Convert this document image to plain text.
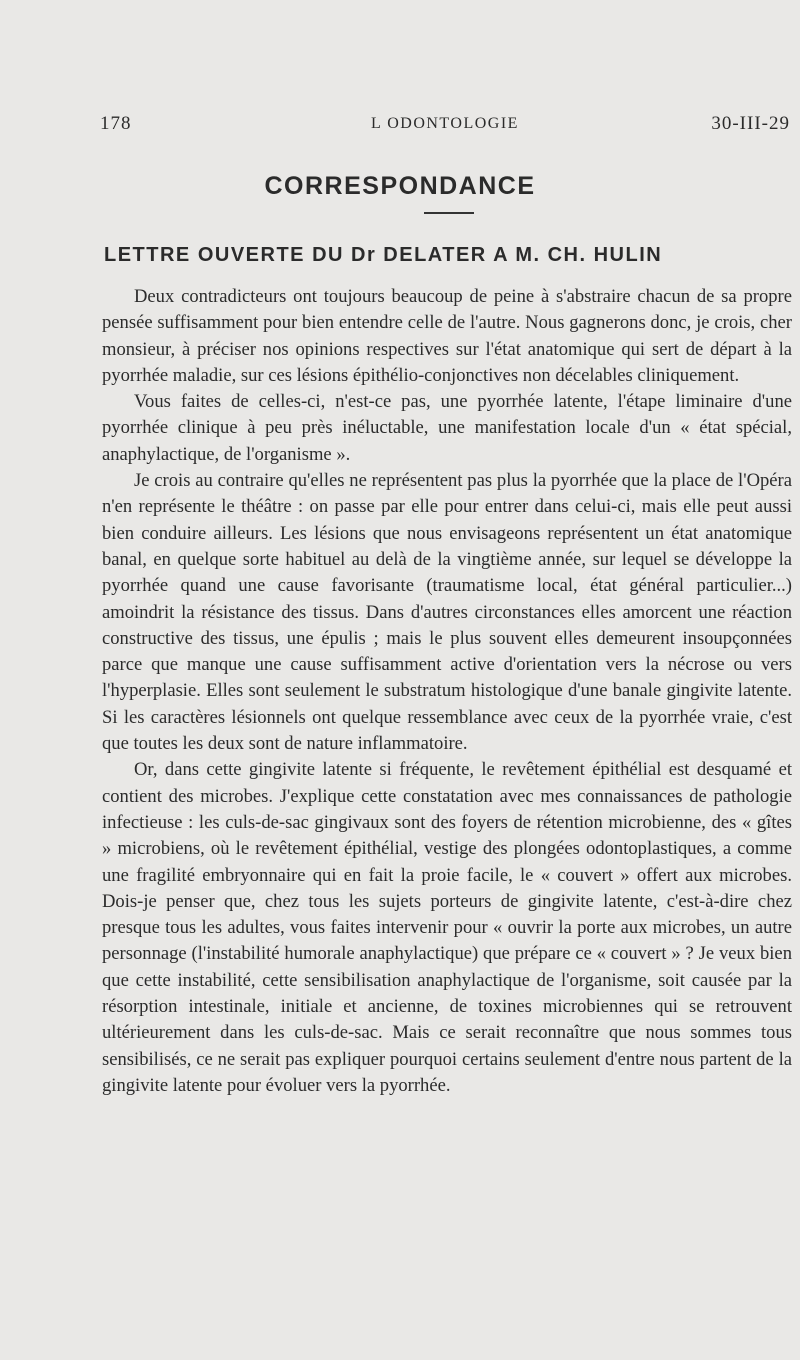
178	L ODONTOLOGIE	30-III-29
CORRESPONDANCE
LETTRE OUVERTE DU Dr DELATER A M. CH. HULIN

Deux contradicteurs ont toujours beaucoup de peine à s'abstraire chacun de sa propre pensée suffisamment pour bien entendre celle de l'autre. Nous gagnerons donc, je crois, cher monsieur, à préciser nos opinions respectives sur l'état anatomique qui sert de départ à la pyorrhée maladie, sur ces lésions épithélio-conjonctives non décelables cliniquement.

Vous faites de celles-ci, n'est-ce pas, une pyorrhée latente, l'étape liminaire d'une pyorrhée clinique à peu près inéluctable, une manifestation locale d'un « état spécial, anaphylactique, de l'organisme ».

Je crois au contraire qu'elles ne représentent pas plus la pyorrhée que la place de l'Opéra n'en représente le théâtre : on passe par elle pour entrer dans celui-ci, mais elle peut aussi bien conduire ailleurs. Les lésions que nous envisageons représentent un état anatomique banal, en quelque sorte habituel au delà de la vingtième année, sur lequel se développe la pyorrhée quand une cause favorisante (traumatisme local, état général particulier...) amoindrit la résistance des tissus. Dans d'autres circonstances elles amorcent une réaction constructive des tissus, une épulis ; mais le plus souvent elles demeurent insoupçonnées parce que manque une cause suffisamment active d'orientation vers la nécrose ou vers l'hyperplasie. Elles sont seulement le substratum histologique d'une banale gingivite latente. Si les caractères lésionnels ont quelque ressemblance avec ceux de la pyorrhée vraie, c'est que toutes les deux sont de nature inflammatoire.

Or, dans cette gingivite latente si fréquente, le revêtement épithélial est desquamé et contient des microbes. J'explique cette constatation avec mes connaissances de pathologie infectieuse : les culs-de-sac gingivaux sont des foyers de rétention microbienne, des « gîtes » microbiens, où le revêtement épithélial, vestige des plongées odontoplastiques, a comme une fragilité embryonnaire qui en fait la proie facile, le « couvert » offert aux microbes. Dois-je penser que, chez tous les sujets porteurs de gingivite latente, c'est-à-dire chez presque tous les adultes, vous faites intervenir pour « ouvrir la porte aux microbes, un autre personnage (l'instabilité humorale anaphylactique) que prépare ce « couvert » ? Je veux bien que cette instabilité, cette sensibilisation anaphylactique de l'organisme, soit causée par la résorption intestinale, initiale et ancienne, de toxines microbiennes qui se retrouvent ultérieurement dans les culs-de-sac. Mais ce serait reconnaître que nous sommes tous sensibilisés, ce ne serait pas expliquer pourquoi certains seulement d'entre nous partent de la gingivite latente pour évoluer vers la pyorrhée.
